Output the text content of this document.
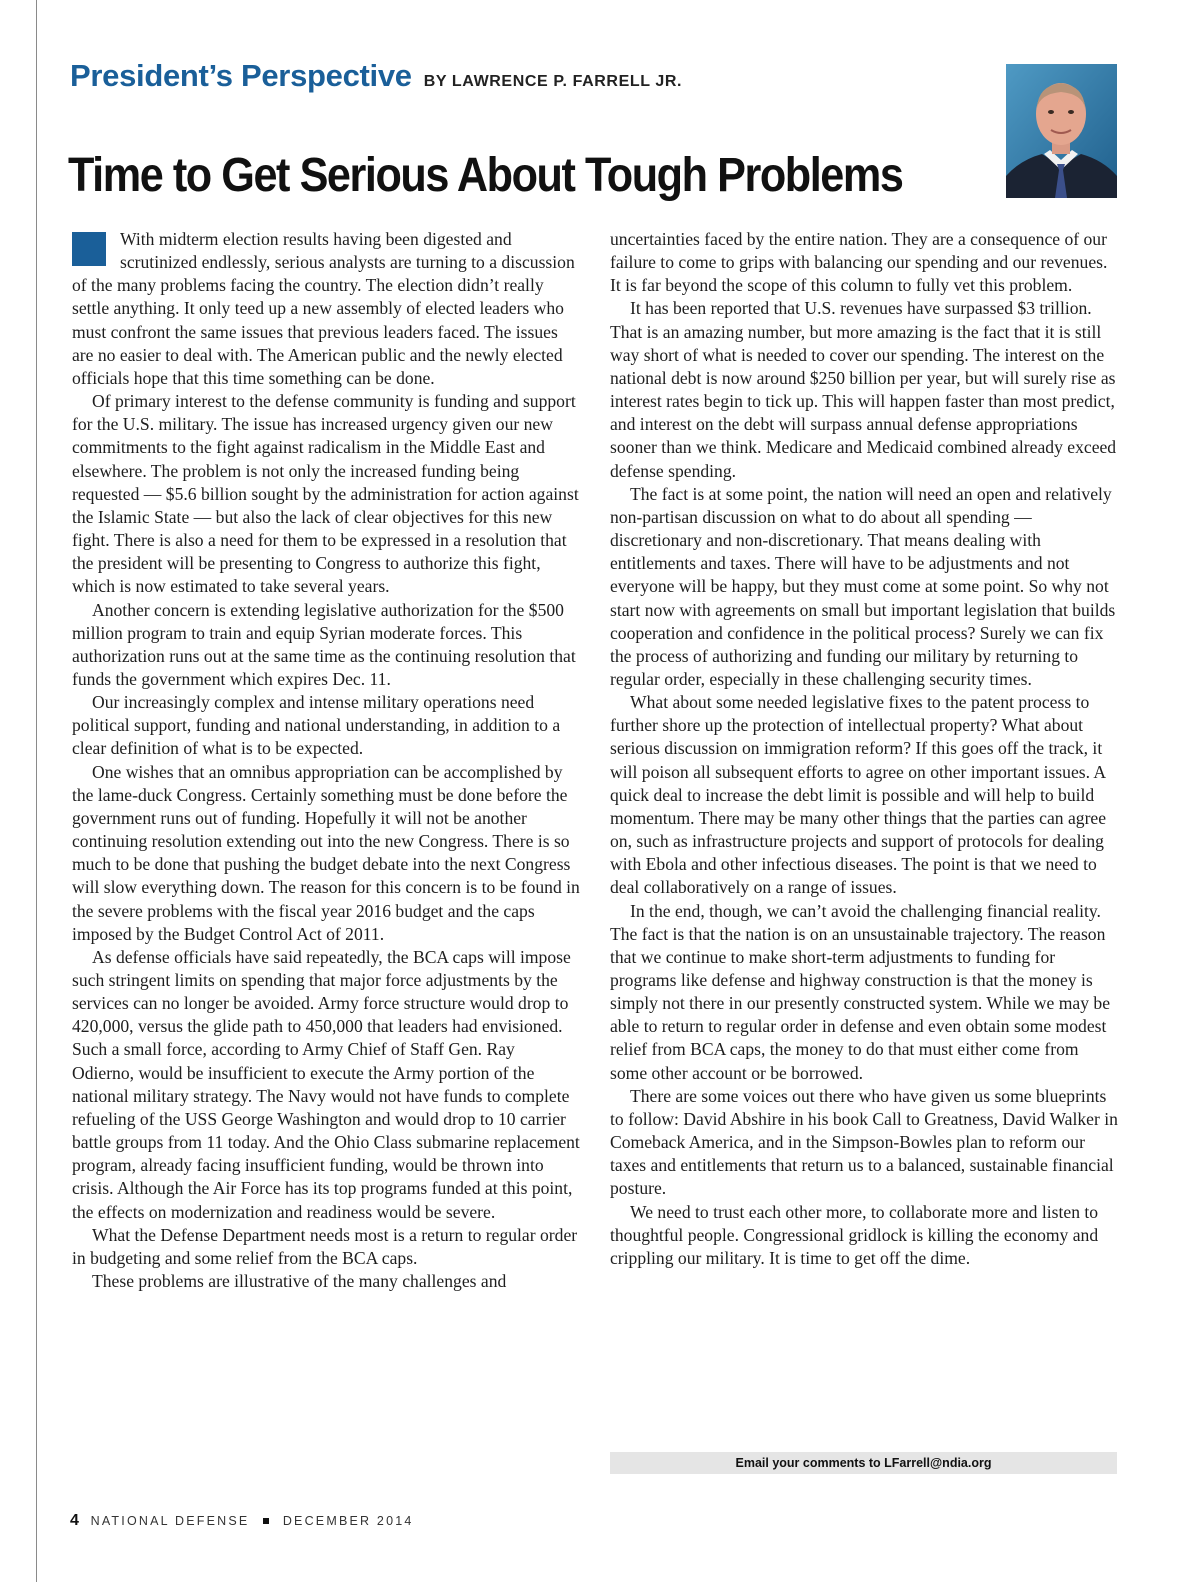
President’s Perspective BY LAWRENCE P. FARRELL JR.
Time to Get Serious About Tough Problems

With midterm election results having been digested and scrutinized endlessly, serious analysts are turning to a discussion of the many problems facing the country. The election didn’t really settle anything. It only teed up a new assembly of elected leaders who must confront the same issues that previous leaders faced. The issues are no easier to deal with. The American public and the newly elected officials hope that this time something can be done.

Of primary interest to the defense community is funding and support for the U.S. military. The issue has increased urgency given our new commitments to the fight against radicalism in the Middle East and elsewhere. The problem is not only the increased funding being requested — $5.6 billion sought by the administration for action against the Islamic State — but also the lack of clear objectives for this new fight. There is also a need for them to be expressed in a resolution that the president will be presenting to Congress to authorize this fight, which is now estimated to take several years.

Another concern is extending legislative authorization for the $500 million program to train and equip Syrian moderate forces. This authorization runs out at the same time as the continuing resolution that funds the government which expires Dec. 11.

Our increasingly complex and intense military operations need political support, funding and national understanding, in addition to a clear definition of what is to be expected.

One wishes that an omnibus appropriation can be accomplished by the lame-duck Congress. Certainly something must be done before the government runs out of funding. Hopefully it will not be another continuing resolution extending out into the new Congress. There is so much to be done that pushing the budget debate into the next Congress will slow everything down. The reason for this concern is to be found in the severe problems with the fiscal year 2016 budget and the caps imposed by the Budget Control Act of 2011.

As defense officials have said repeatedly, the BCA caps will impose such stringent limits on spending that major force adjustments by the services can no longer be avoided. Army force structure would drop to 420,000, versus the glide path to 450,000 that leaders had envisioned. Such a small force, according to Army Chief of Staff Gen. Ray Odierno, would be insufficient to execute the Army portion of the national military strategy. The Navy would not have funds to complete refueling of the USS George Washington and would drop to 10 carrier battle groups from 11 today. And the Ohio Class submarine replacement program, already facing insufficient funding, would be thrown into crisis. Although the Air Force has its top programs funded at this point, the effects on modernization and readiness would be severe.

What the Defense Department needs most is a return to regular order in budgeting and some relief from the BCA caps.

These problems are illustrative of the many challenges and

uncertainties faced by the entire nation. They are a consequence of our failure to come to grips with balancing our spending and our revenues. It is far beyond the scope of this column to fully vet this problem.

It has been reported that U.S. revenues have surpassed $3 trillion. That is an amazing number, but more amazing is the fact that it is still way short of what is needed to cover our spending. The interest on the national debt is now around $250 billion per year, but will surely rise as interest rates begin to tick up. This will happen faster than most predict, and interest on the debt will surpass annual defense appropriations sooner than we think. Medicare and Medicaid combined already exceed defense spending.

The fact is at some point, the nation will need an open and relatively non-partisan discussion on what to do about all spending — discretionary and non-discretionary. That means dealing with entitlements and taxes. There will have to be adjustments and not everyone will be happy, but they must come at some point. So why not start now with agreements on small but important legislation that builds cooperation and confidence in the political process? Surely we can fix the process of authorizing and funding our military by returning to regular order, especially in these challenging security times.

What about some needed legislative fixes to the patent process to further shore up the protection of intellectual property? What about serious discussion on immigration reform? If this goes off the track, it will poison all subsequent efforts to agree on other important issues. A quick deal to increase the debt limit is possible and will help to build momentum. There may be many other things that the parties can agree on, such as infrastructure projects and support of protocols for dealing with Ebola and other infectious diseases. The point is that we need to deal collaboratively on a range of issues.

In the end, though, we can’t avoid the challenging financial reality. The fact is that the nation is on an unsustainable trajectory. The reason that we continue to make short-term adjustments to funding for programs like defense and highway construction is that the money is simply not there in our presently constructed system. While we may be able to return to regular order in defense and even obtain some modest relief from BCA caps, the money to do that must either come from some other account or be borrowed.

There are some voices out there who have given us some blueprints to follow: David Abshire in his book Call to Greatness, David Walker in Comeback America, and in the Simpson-Bowles plan to reform our taxes and entitlements that return us to a balanced, sustainable financial posture.

We need to trust each other more, to collaborate more and listen to thoughtful people. Congressional gridlock is killing the economy and crippling our military. It is time to get off the dime.

Email your comments to LFarrell@ndia.org
4 NATIONAL DEFENSE	DECEMBER 2014
